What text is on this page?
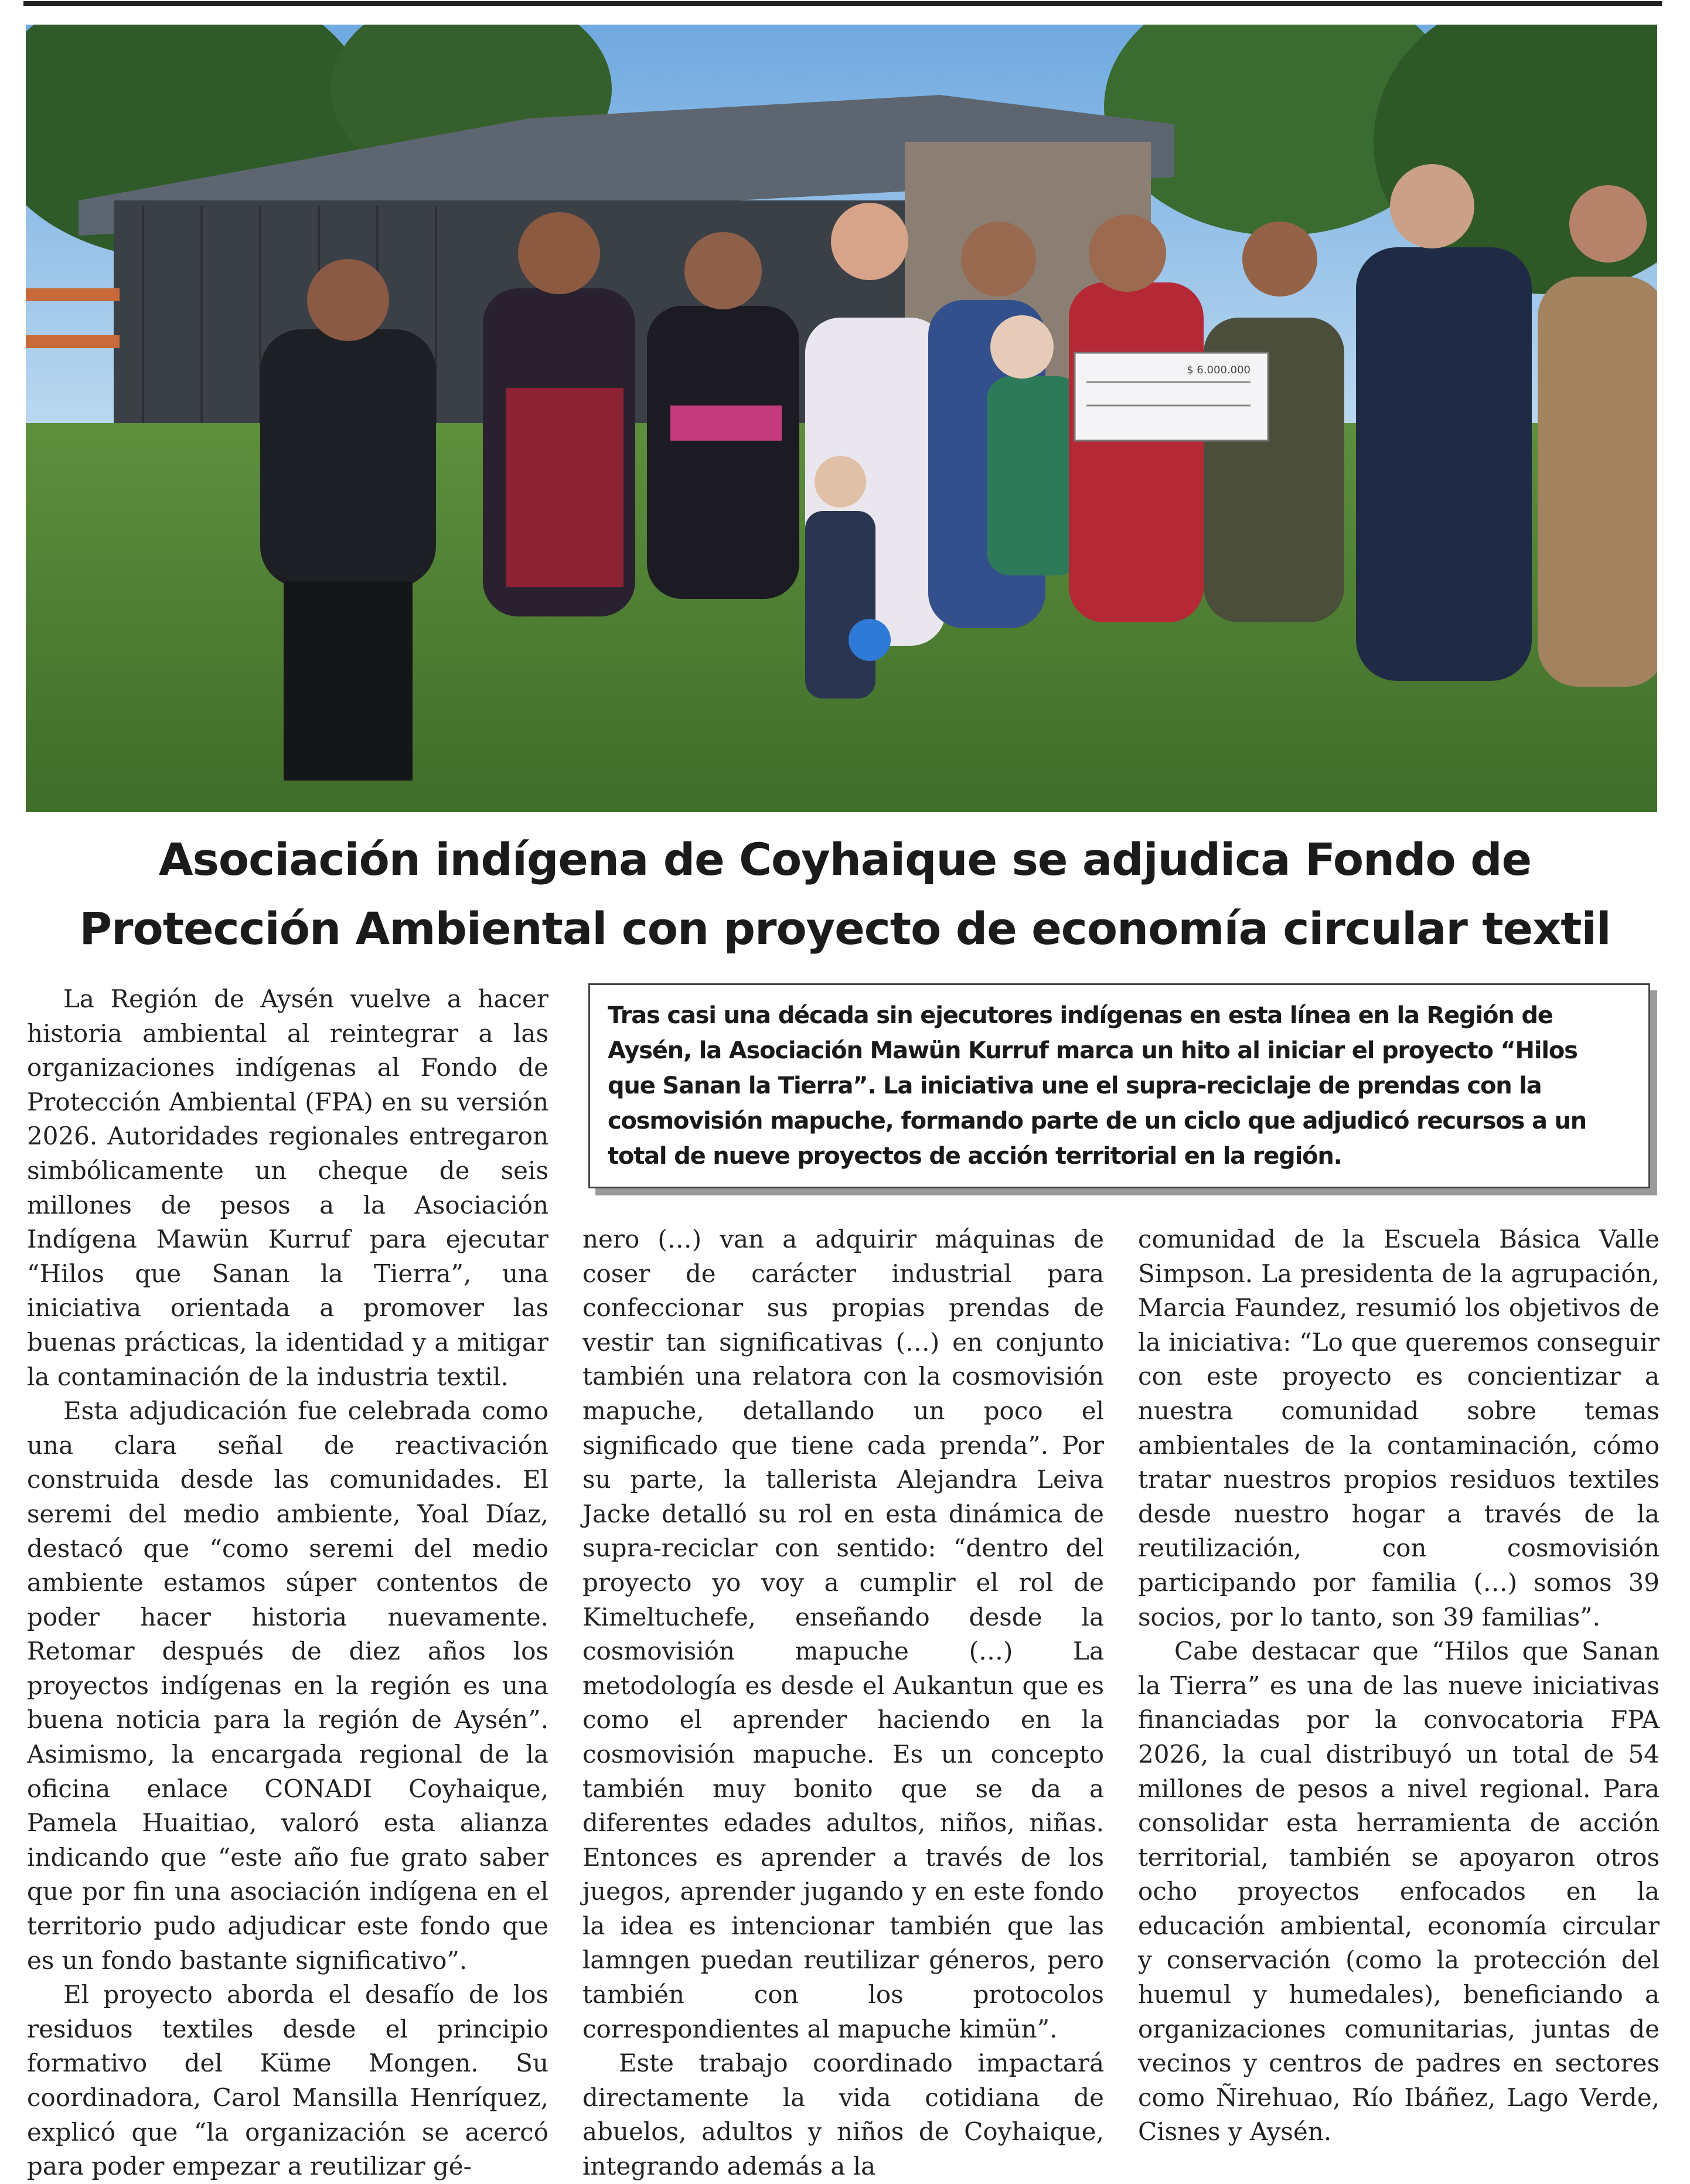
$ 6.000.000
Asociación indígena de Coyhaique se adjudica Fondo de
Protección Ambiental con proyecto de economía circular textil

La Región de Aysén vuelve a hacer historia ambiental al reintegrar a las organizaciones indígenas al Fondo de Protección Ambiental (FPA) en su versión 2026. Autoridades regionales entregaron simbólicamente un cheque de seis millones de pesos a la Asociación Indígena Mawün Kurruf para ejecutar “Hilos que Sanan la Tierra”, una iniciativa orientada a promover las buenas prácticas, la identidad y a mitigar la contaminación de la industria textil.

Esta adjudicación fue celebrada como una clara señal de reactivación construida desde las comunidades. El seremi del medio ambiente, Yoal Díaz, destacó que “como seremi del medio ambiente estamos súper contentos de poder hacer historia nuevamente. Retomar después de diez años los proyectos indígenas en la región es una buena noticia para la región de Aysén”. Asimismo, la encargada regional de la oficina enlace CONADI Coyhaique, Pamela Huaitiao, valoró esta alianza indicando que “este año fue grato saber que por fin una asociación indígena en el territorio pudo adjudicar este fondo que es un fondo bastante significativo”.

El proyecto aborda el desafío de los residuos textiles desde el principio formativo del Küme Mongen. Su coordinadora, Carol Mansilla Henríquez, explicó que “la organización se acercó para poder empezar a reutilizar gé-

Tras casi una década sin ejecutores indígenas en esta línea en la Región de Aysén, la Asociación Mawün Kurruf marca un hito al iniciar el proyecto “Hilos que Sanan la Tierra”. La iniciativa une el supra-reciclaje de prendas con la cosmovisión mapuche, formando parte de un ciclo que adjudicó recursos a un total de nueve proyectos de acción territorial en la región.

nero (…) van a adquirir máquinas de coser de carácter industrial para confeccionar sus propias prendas de vestir tan significativas (…) en conjunto también una relatora con la cosmovisión mapuche, detallando un poco el significado que tiene cada prenda”. Por su parte, la tallerista Alejandra Leiva Jacke detalló su rol en esta dinámica de supra-reciclar con sentido: “dentro del proyecto yo voy a cumplir el rol de Kimeltuchefe, enseñando desde la cosmovisión mapuche (…) La metodología es desde el Aukantun que es como el aprender haciendo en la cosmovisión mapuche. Es un concepto también muy bonito que se da a diferentes edades adultos, niños, niñas. Entonces es aprender a través de los juegos, aprender jugando y en este fondo la idea es intencionar también que las lamngen puedan reutilizar géneros, pero también con los protocolos correspondientes al mapuche kimün”.

Este trabajo coordinado impactará directamente la vida cotidiana de abuelos, adultos y niños de Coyhaique, integrando además a la

comunidad de la Escuela Básica Valle Simpson. La presidenta de la agrupación, Marcia Faundez, resumió los objetivos de la iniciativa: “Lo que queremos conseguir con este proyecto es concientizar a nuestra comunidad sobre temas ambientales de la contaminación, cómo tratar nuestros propios residuos textiles desde nuestro hogar a través de la reutilización, con cosmovisión participando por familia (…) somos 39 socios, por lo tanto, son 39 familias”.

Cabe destacar que “Hilos que Sanan la Tierra” es una de las nueve iniciativas financiadas por la convocatoria FPA 2026, la cual distribuyó un total de 54 millones de pesos a nivel regional. Para consolidar esta herramienta de acción territorial, también se apoyaron otros ocho proyectos enfocados en la educación ambiental, economía circular y conservación (como la protección del huemul y humedales), beneficiando a organizaciones comunitarias, juntas de vecinos y centros de padres en sectores como Ñirehuao, Río Ibáñez, Lago Verde, Cisnes y Aysén.
